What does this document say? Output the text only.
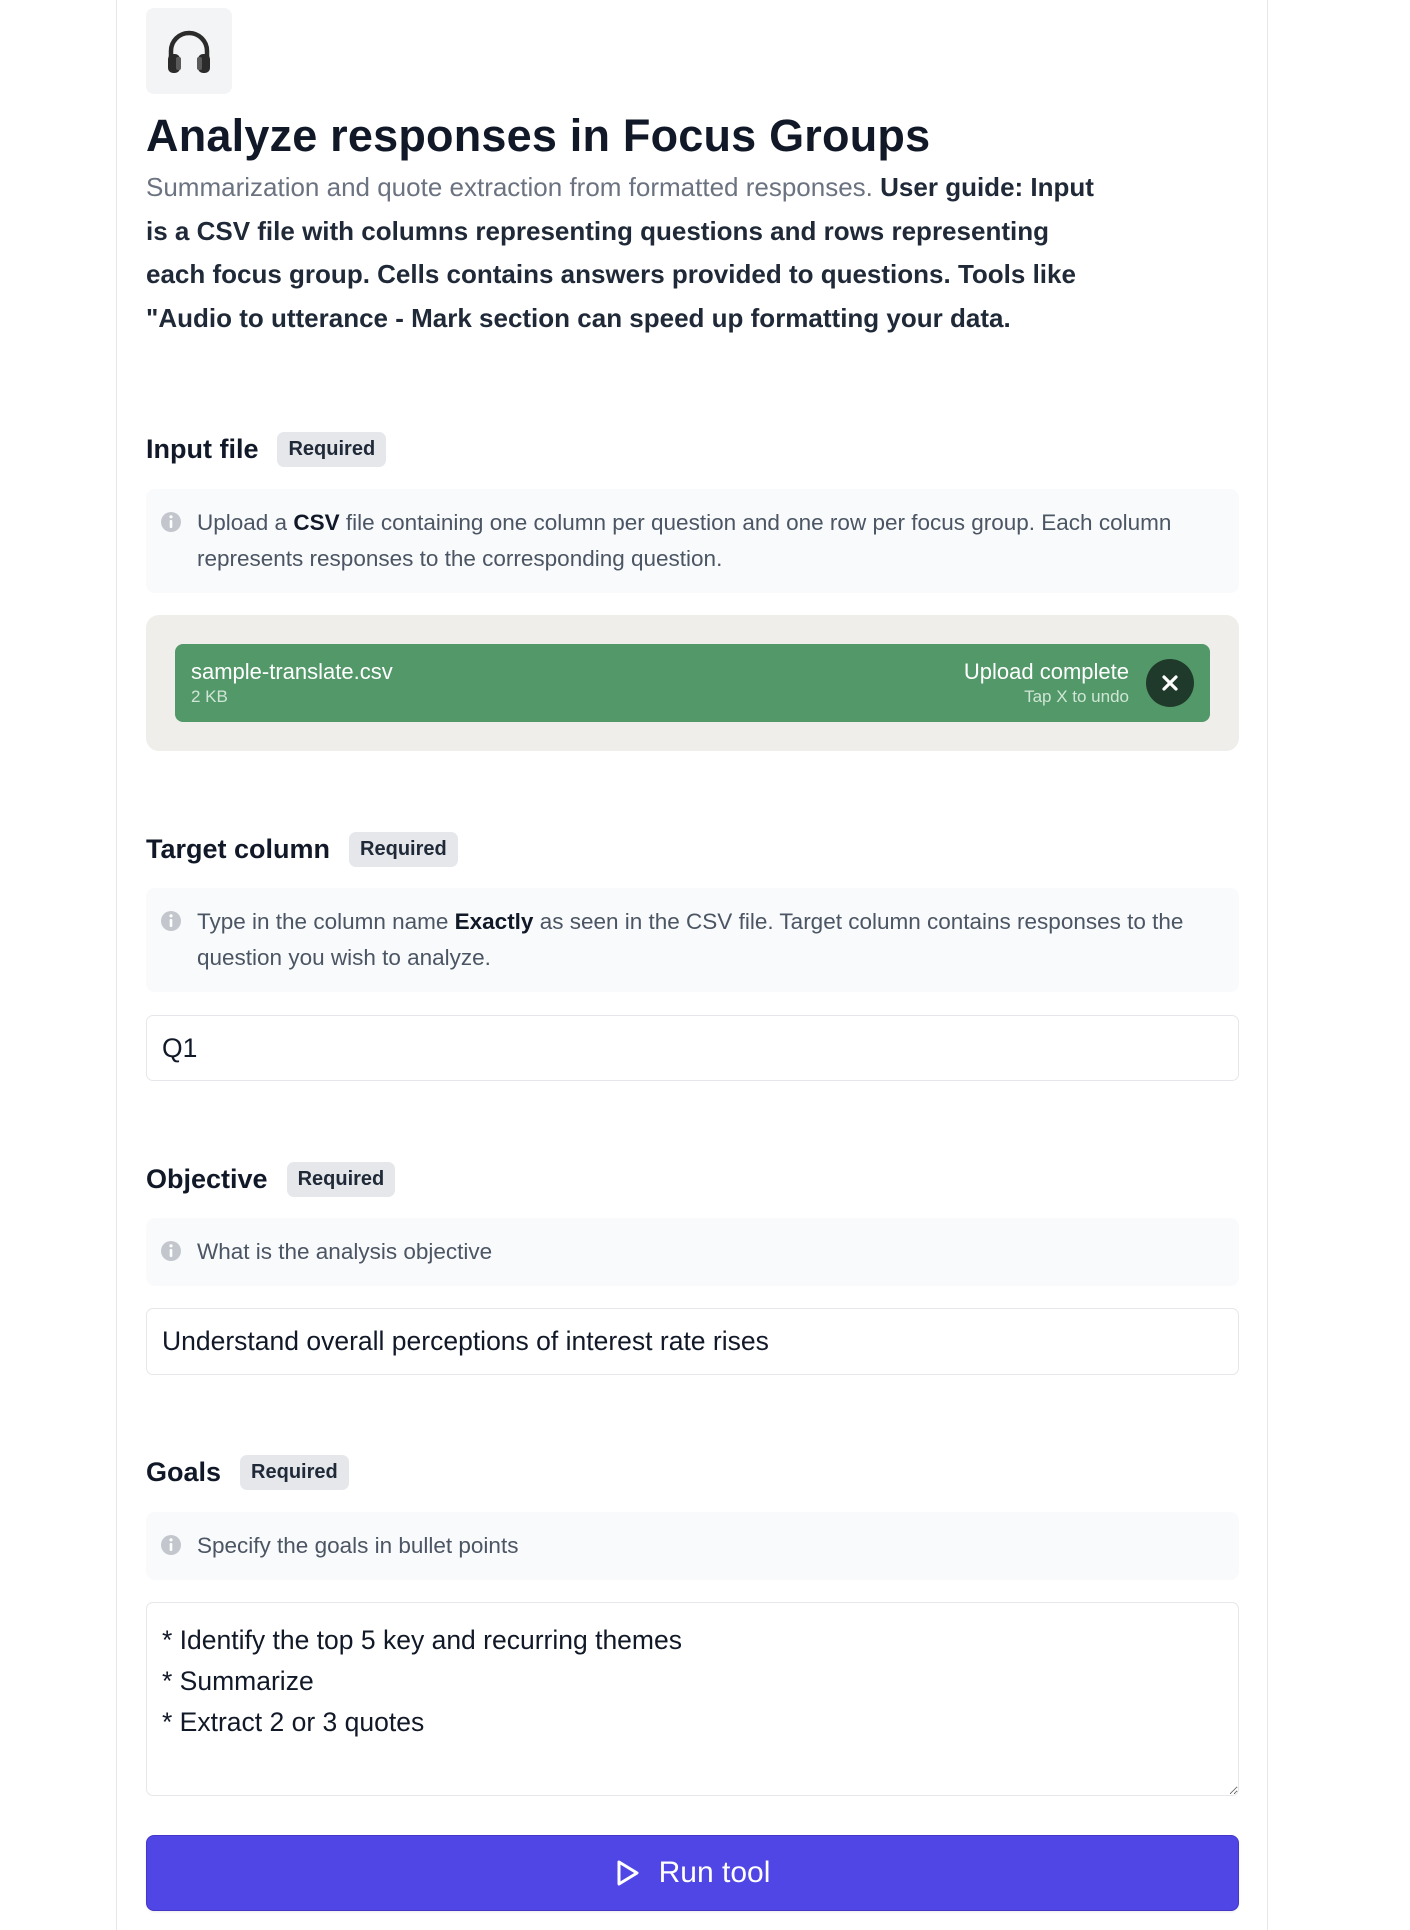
Analyze responses in Focus Groups

Summarization and quote extraction from formatted responses. User guide: Input is a CSV file with columns representing questions and rows representing each focus group. Cells contains answers provided to questions. Tools like "Audio to utterance - Mark section can speed up formatting your data.

Input file	Required
Upload a CSV file containing one column per question and one row per focus group. Each column represents responses to the corresponding question.
sample-translate.csv
2 KB
Upload complete
Tap X to undo
Target column	Required
Type in the column name Exactly as seen in the CSV file. Target column contains responses to the question you wish to analyze.
Q1
Objective	Required
What is the analysis objective
Understand overall perceptions of interest rate rises
Goals	Required
Specify the goals in bullet points
* Identify the top 5 key and recurring themes * Summarize * Extract 2 or 3 quotes
Run tool
